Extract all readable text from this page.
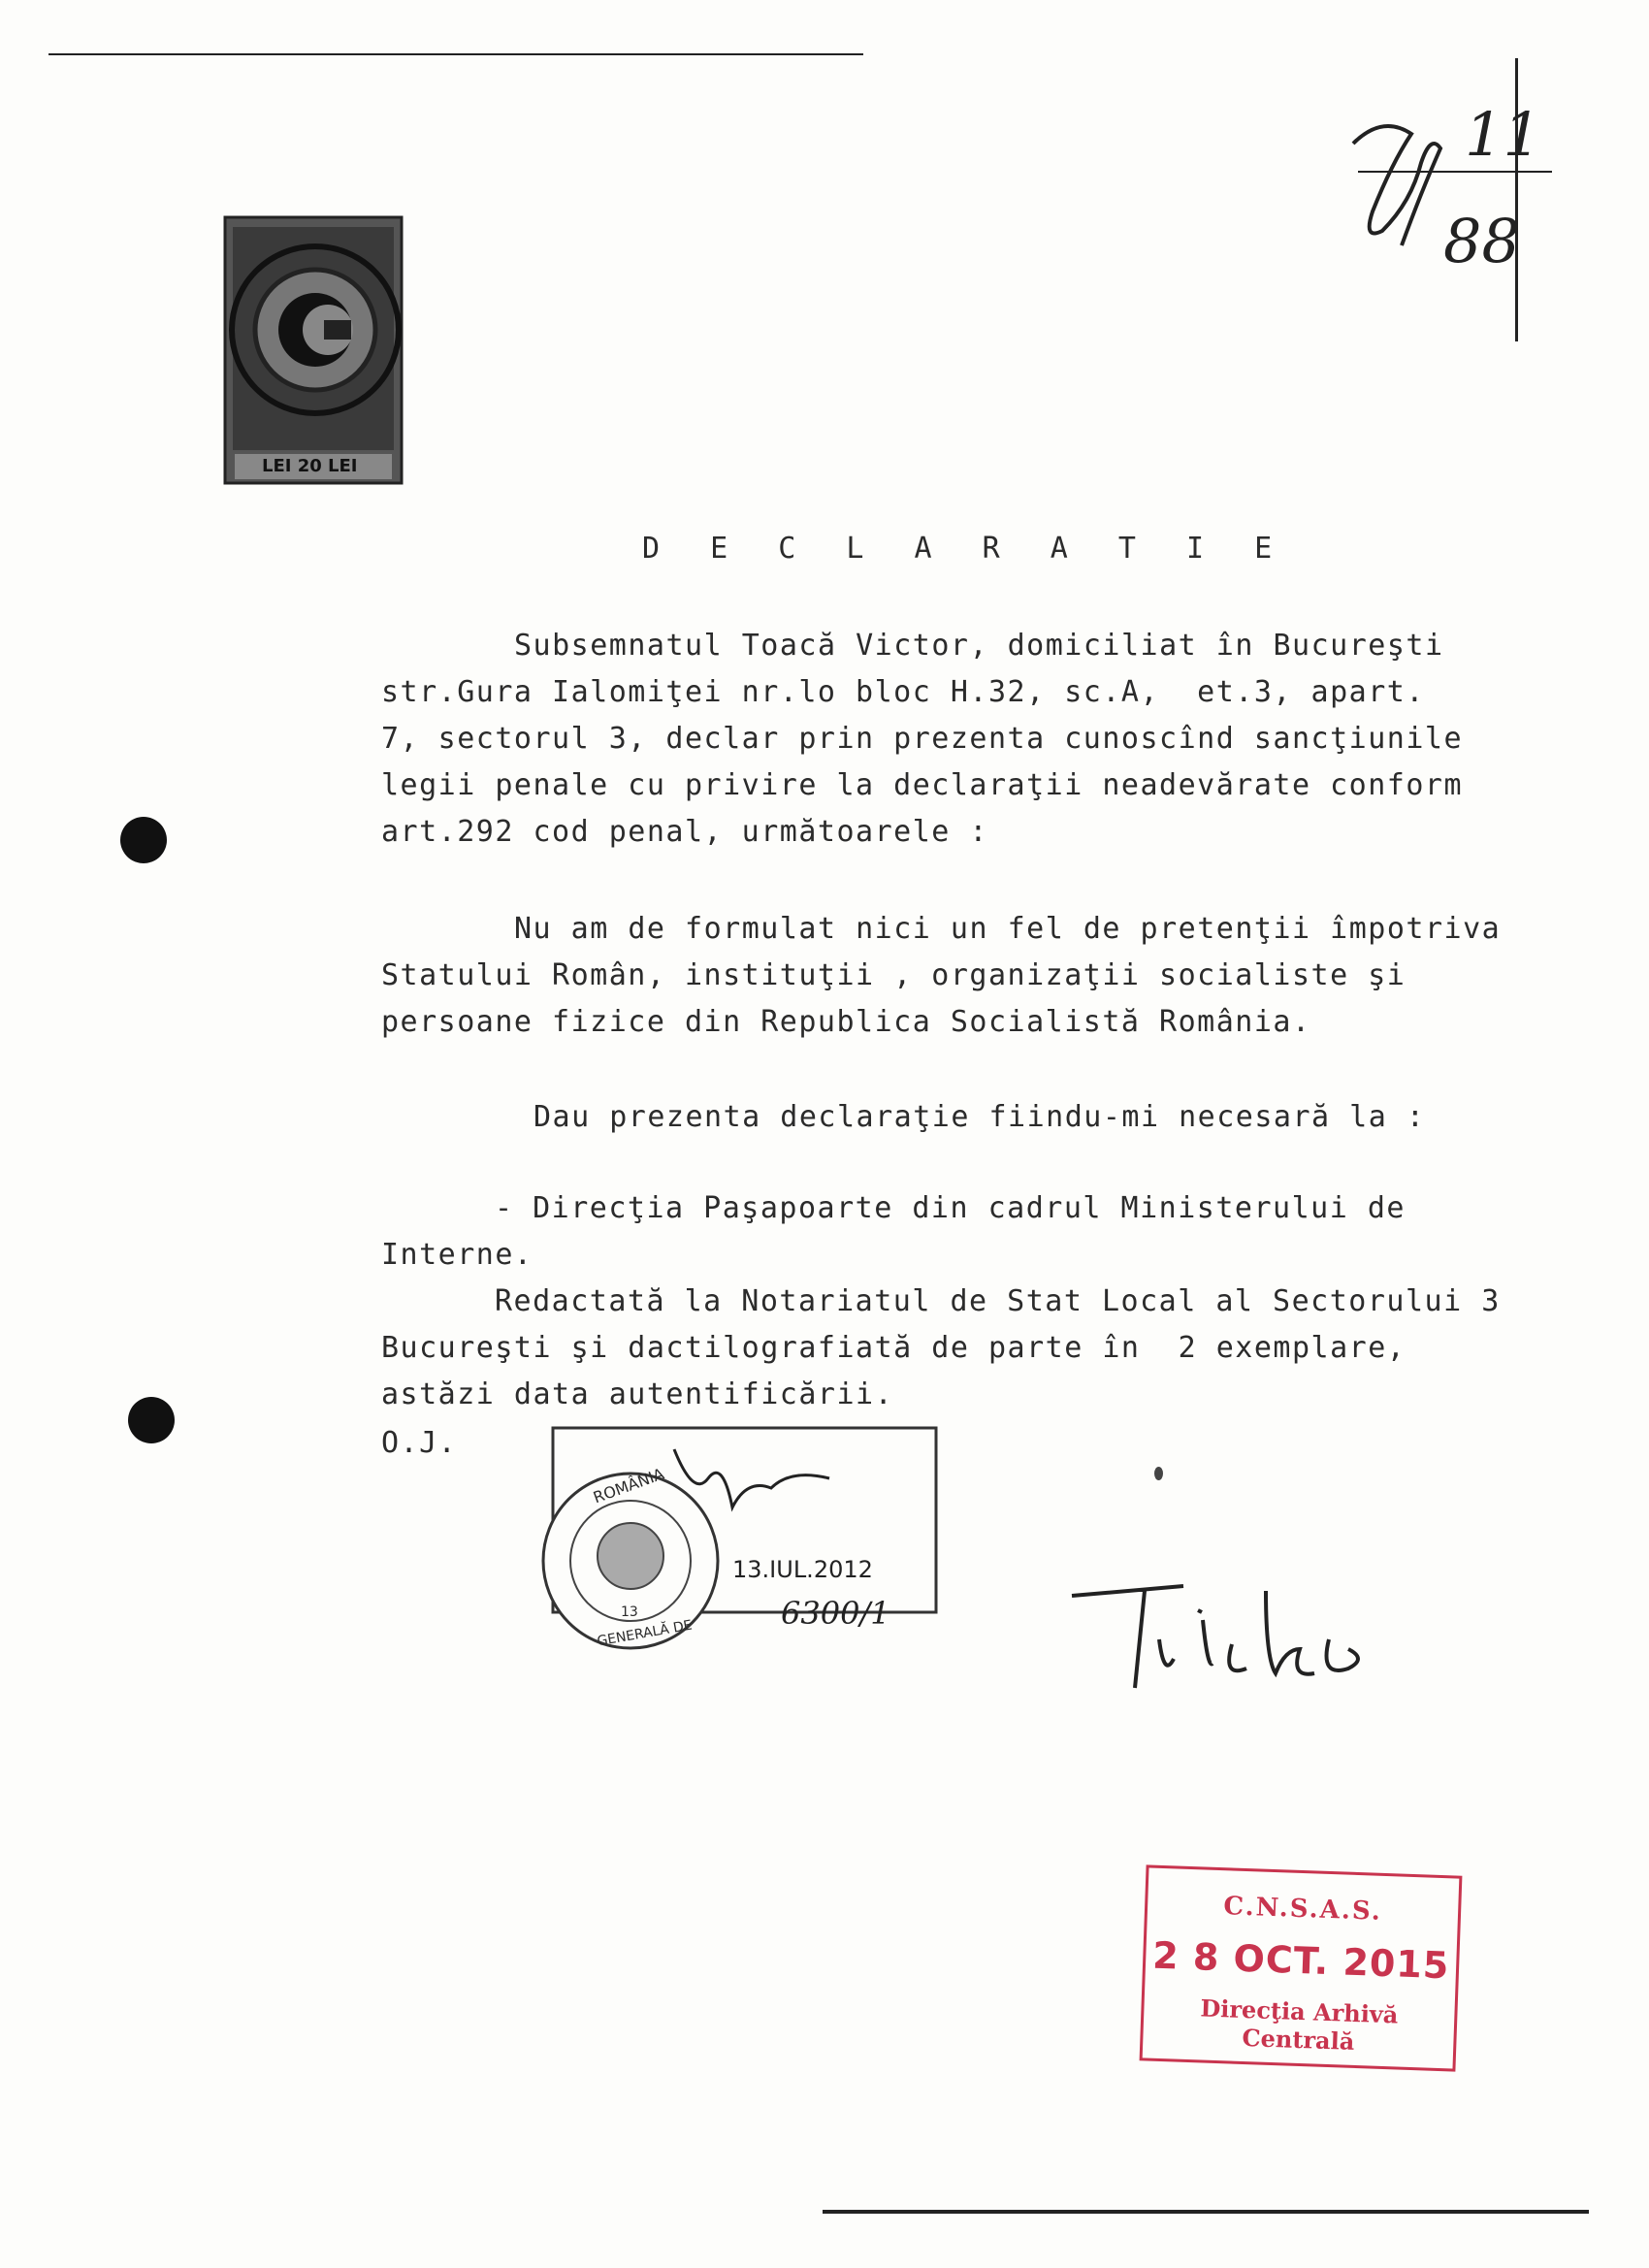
11
88
LEI 20 LEI
D E C L A R A T I E
Subsemnatul Toacă Victor, domiciliat în Bucureşti
str.Gura Ialomiţei nr.lo bloc H.32, sc.A,  et.3, apart.
7, sectorul 3, declar prin prezenta cunoscînd sancţiunile
legii penale cu privire la declaraţii neadevărate conform
art.292 cod penal, următoarele :
Nu am de formulat nici un fel de pretenţii împotriva
Statului Român, instituţii , organizaţii socialiste şi
persoane fizice din Republica Socialistă România.
Dau prezenta declaraţie fiindu-mi necesară la :
- Direcţia Paşapoarte din cadrul Ministerului de
Interne.
Redactată la Notariatul de Stat Local al Sectorului 3
Bucureşti şi dactilografiată de parte în  2 exemplare,
astăzi data autentificării.
O.J.
ROMÂNIA
13
GENERALĂ DE
13.IUL.2012
6300/1
C.N.S.A.S.
2 8 OCT. 2015
Direcţia Arhivă Centrală
